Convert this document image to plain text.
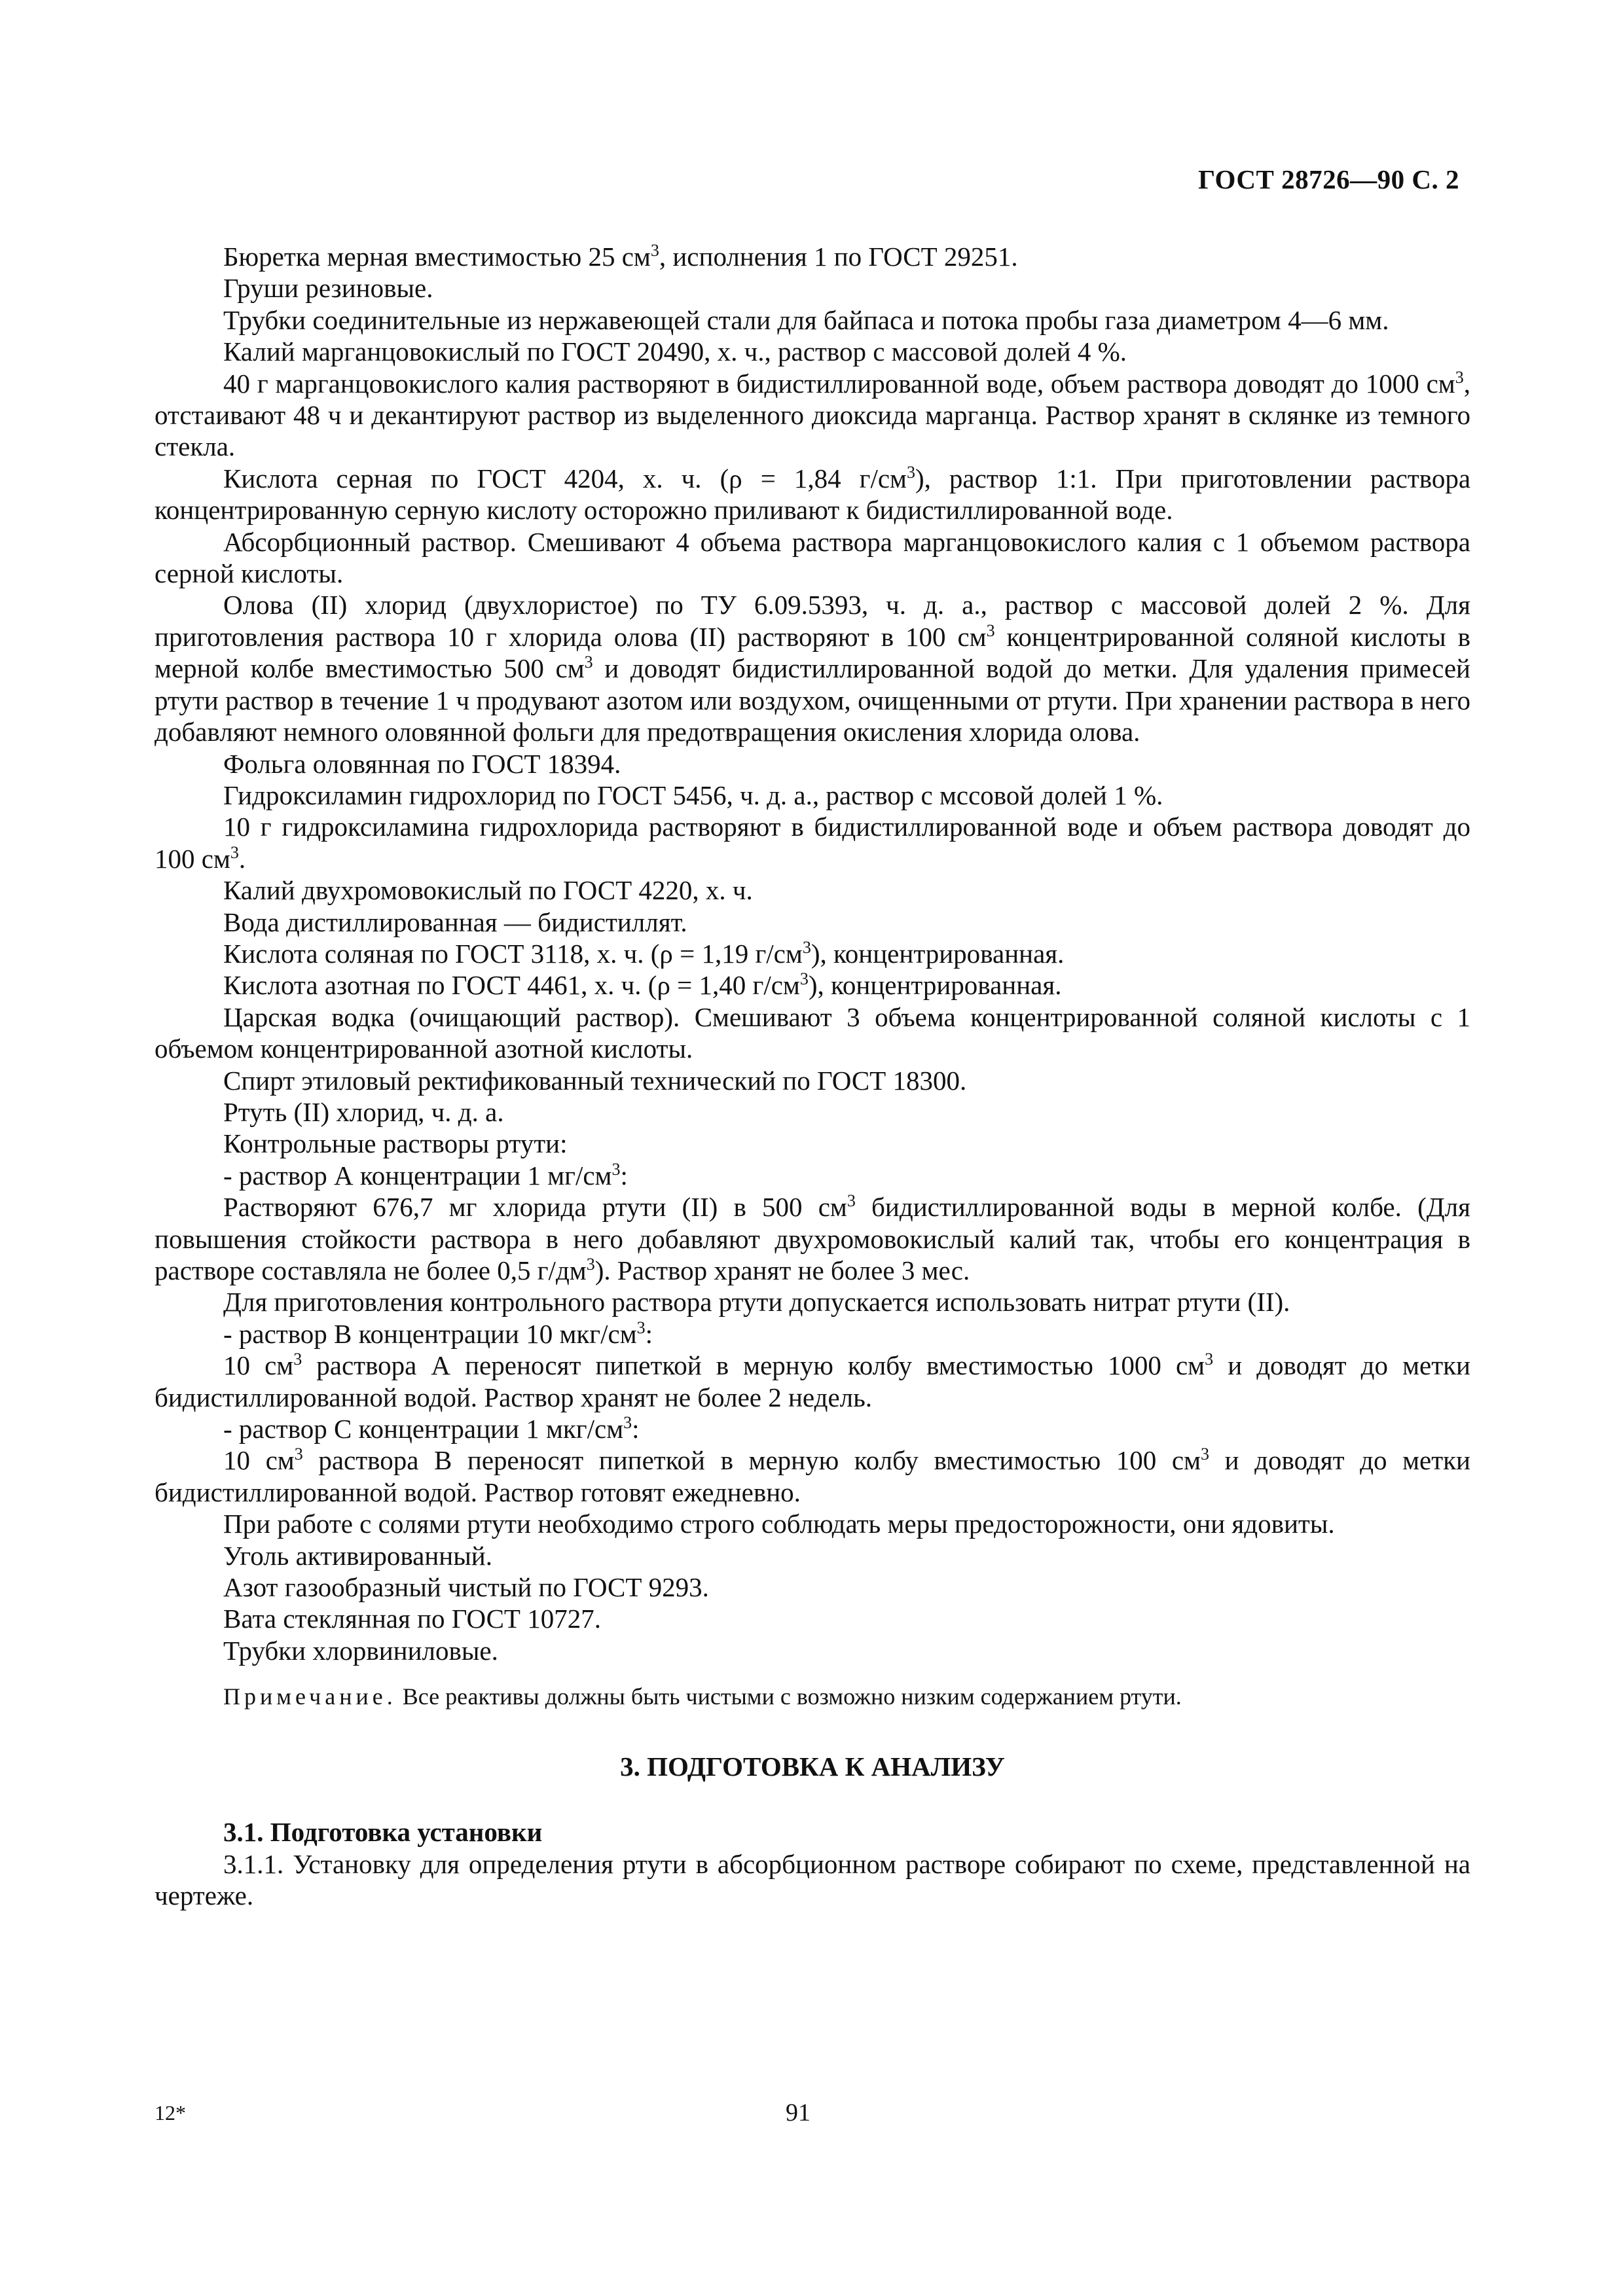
ГОСТ 28726—90 С. 2

Бюретка мерная вместимостью 25 $см^3$, исполнения 1 по ГОСТ 29251.

Груши резиновые.

Трубки соединительные из нержавеющей стали для байпаса и потока пробы газа диаметром 4—6 мм.

Калий марганцовокислый по ГОСТ 20490, х. ч., раствор с массовой долей 4 %.

40 г марганцовокислого калия растворяют в бидистиллированной воде, объем раствора доводят до 1000 $см^3$, отстаивают 48 ч и декантируют раствор из выделенного диоксида марганца. Раствор хранят в склянке из темного стекла.

Кислота серная по ГОСТ 4204, х. ч. (ρ = 1,84 $г/см^3$), раствор 1:1. При приготовлении раствора концентрированную серную кислоту осторожно приливают к бидистиллированной воде.

Абсорбционный раствор. Смешивают 4 объема раствора марганцовокислого калия с 1 объемом раствора серной кислоты.

Олова (II) хлорид (двухлористое) по ТУ 6.09.5393, ч. д. а., раствор с массовой долей 2 %. Для приготовления раствора 10 г хлорида олова (II) растворяют в 100 $см^3$ концентрированной соляной кислоты в мерной колбе вместимостью 500 $см^3$ и доводят бидистиллированной водой до метки. Для удаления примесей ртути раствор в течение 1 ч продувают азотом или воздухом, очищенными от ртути. При хранении раствора в него добавляют немного оловянной фольги для предотвращения окисления хлорида олова.

Фольга оловянная по ГОСТ 18394.

Гидроксиламин гидрохлорид по ГОСТ 5456, ч. д. а., раствор с мссовой долей 1 %.

10 г гидроксиламина гидрохлорида растворяют в бидистиллированной воде и объем раствора доводят до 100 $см^3$.

Калий двухромовокислый по ГОСТ 4220, х. ч.

Вода дистиллированная — бидистиллят.

Кислота соляная по ГОСТ 3118, х. ч. (ρ = 1,19 $г/см^3$), концентрированная.

Кислота азотная по ГОСТ 4461, х. ч. (ρ = 1,40 $г/см^3$), концентрированная.

Царская водка (очищающий раствор). Смешивают 3 объема концентрированной соляной кислоты с 1 объемом концентрированной азотной кислоты.

Спирт этиловый ректификованный технический по ГОСТ 18300.

Ртуть (II) хлорид, ч. д. а.

Контрольные растворы ртути:

- раствор А концентрации 1 $мг/см^3$:

Растворяют 676,7 мг хлорида ртути (II) в 500 $см^3$ бидистиллированной воды в мерной колбе. (Для повышения стойкости раствора в него добавляют двухромовокислый калий так, чтобы его концентрация в растворе составляла не более 0,5 $г/дм^3$). Раствор хранят не более 3 мес.

Для приготовления контрольного раствора ртути допускается использовать нитрат ртути (II).

- раствор В концентрации 10 мкг/$см^3$:

10 $см^3$ раствора А переносят пипеткой в мерную колбу вместимостью 1000 $см^3$ и доводят до метки бидистиллированной водой. Раствор хранят не более 2 недель.

- раствор С концентрации 1 мкг/$см^3$:

10 $см^3$ раствора В переносят пипеткой в мерную колбу вместимостью 100 $см^3$ и доводят до метки бидистиллированной водой. Раствор готовят ежедневно.

При работе с солями ртути необходимо строго соблюдать меры предосторожности, они ядовиты.

Уголь активированный.

Азот газообразный чистый по ГОСТ 9293.

Вата стеклянная по ГОСТ 10727.

Трубки хлорвиниловые.

Примечание. Все реактивы должны быть чистыми с возможно низким содержанием ртути.

3. ПОДГОТОВКА К АНАЛИЗУ

3.1. Подготовка установки

3.1.1. Установку для определения ртути в абсорбционном растворе собирают по схеме, представленной на чертеже.

12*	91
